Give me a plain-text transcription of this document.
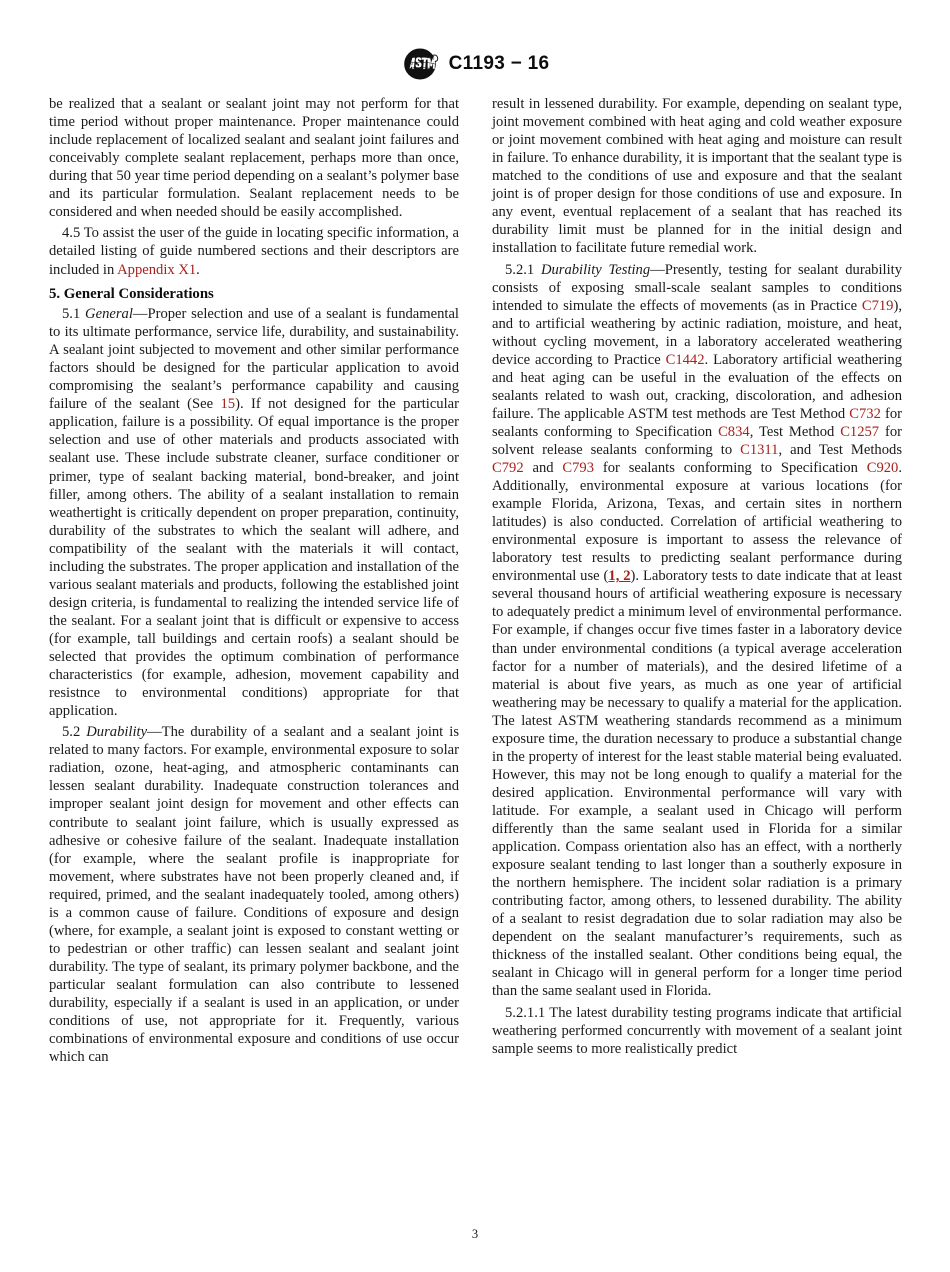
C1193 − 16

be realized that a sealant or sealant joint may not perform for that time period without proper maintenance. Proper maintenance could include replacement of localized sealant and sealant joint failures and conceivably complete sealant replacement, perhaps more than once, during that 50 year time period depending on a sealant’s polymer base and its particular formulation. Sealant replacement needs to be considered and when needed should be easily accomplished.

4.5 To assist the user of the guide in locating specific information, a detailed listing of guide numbered sections and their descriptors are included in Appendix X1.

5. General Considerations

5.1 General—Proper selection and use of a sealant is fundamental to its ultimate performance, service life, durability, and sustainability. A sealant joint subjected to movement and other similar performance factors should be designed for the particular application to avoid compromising the sealant’s performance capability and causing failure of the sealant (See 15). If not designed for the particular application, failure is a possibility. Of equal importance is the proper selection and use of other materials and products associated with sealant use. These include substrate cleaner, surface conditioner or primer, type of sealant backing material, bond-breaker, and joint filler, among others. The ability of a sealant installation to remain weathertight is critically dependent on proper preparation, continuity, durability of the substrates to which the sealant will adhere, and compatibility of the sealant with the materials it will contact, including the substrates. The proper application and installation of the various sealant materials and products, following the established joint design criteria, is fundamental to realizing the intended service life of the sealant. For a sealant joint that is difficult or expensive to access (for example, tall buildings and certain roofs) a sealant should be selected that provides the optimum combination of performance characteristics (for example, adhesion, movement capability and resistnce to environmental conditions) appropriate for that application.

5.2 Durability—The durability of a sealant and a sealant joint is related to many factors. For example, environmental exposure to solar radiation, ozone, heat-aging, and atmospheric contaminants can lessen sealant durability. Inadequate construction tolerances and improper sealant joint design for movement and other effects can contribute to sealant joint failure, which is usually expressed as adhesive or cohesive failure of the sealant. Inadequate installation (for example, where the sealant profile is inappropriate for movement, where substrates have not been properly cleaned and, if required, primed, and the sealant inadequately tooled, among others) is a common cause of failure. Conditions of exposure and design (where, for example, a sealant joint is exposed to constant wetting or to pedestrian or other traffic) can lessen sealant and sealant joint durability. The type of sealant, its primary polymer backbone, and the particular sealant formulation can also contribute to lessened durability, especially if a sealant is used in an application, or under conditions of use, not appropriate for it. Frequently, various combinations of environmental exposure and conditions of use occur which can

result in lessened durability. For example, depending on sealant type, joint movement combined with heat aging and cold weather exposure or joint movement combined with heat aging and moisture can result in failure. To enhance durability, it is important that the sealant type is matched to the conditions of use and exposure and that the sealant joint is of proper design for those conditions of use and exposure. In any event, eventual replacement of a sealant that has reached its durability limit must be planned for in the initial design and installation to facilitate future remedial work.

5.2.1 Durability Testing—Presently, testing for sealant durability consists of exposing small-scale sealant samples to conditions intended to simulate the effects of movements (as in Practice C719), and to artificial weathering by actinic radiation, moisture, and heat, without cycling movement, in a laboratory accelerated weathering device according to Practice C1442. Laboratory artificial weathering and heat aging can be useful in the evaluation of the effects on sealants related to wash out, cracking, discoloration, and adhesion failure. The applicable ASTM test methods are Test Method C732 for sealants conforming to Specification C834, Test Method C1257 for solvent release sealants conforming to C1311, and Test Methods C792 and C793 for sealants conforming to Specification C920. Additionally, environmental exposure at various locations (for example Florida, Arizona, Texas, and certain sites in northern latitudes) is also conducted. Correlation of artificial weathering to environmental exposure is important to assess the relevance of laboratory test results to predicting sealant performance during environmental use (1, 2). Laboratory tests to date indicate that at least several thousand hours of artificial weathering exposure is necessary to adequately predict a minimum level of environmental performance. For example, if changes occur five times faster in a laboratory device than under environmental conditions (a typical average acceleration factor for a number of materials), and the desired lifetime of a material is about five years, as much as one year of artificial weathering may be necessary to qualify a material for the application. The latest ASTM weathering standards recommend as a minimum exposure time, the duration necessary to produce a substantial change in the property of interest for the least stable material being evaluated. However, this may not be long enough to qualify a material for the desired application. Environmental performance will vary with latitude. For example, a sealant used in Chicago will perform differently than the same sealant used in Florida for a similar application. Compass orientation also has an effect, with a northerly exposure sealant tending to last longer than a southerly exposure in the northern hemisphere. The incident solar radiation is a primary contributing factor, among others, to lessened durability. The ability of a sealant to resist degradation due to solar radiation may also be dependent on the sealant manufacturer’s requirements, such as thickness of the installed sealant. Other conditions being equal, the sealant in Chicago will in general perform for a longer time period than the same sealant used in Florida.

5.2.1.1 The latest durability testing programs indicate that artificial weathering performed concurrently with movement of a sealant joint sample seems to more realistically predict

3
